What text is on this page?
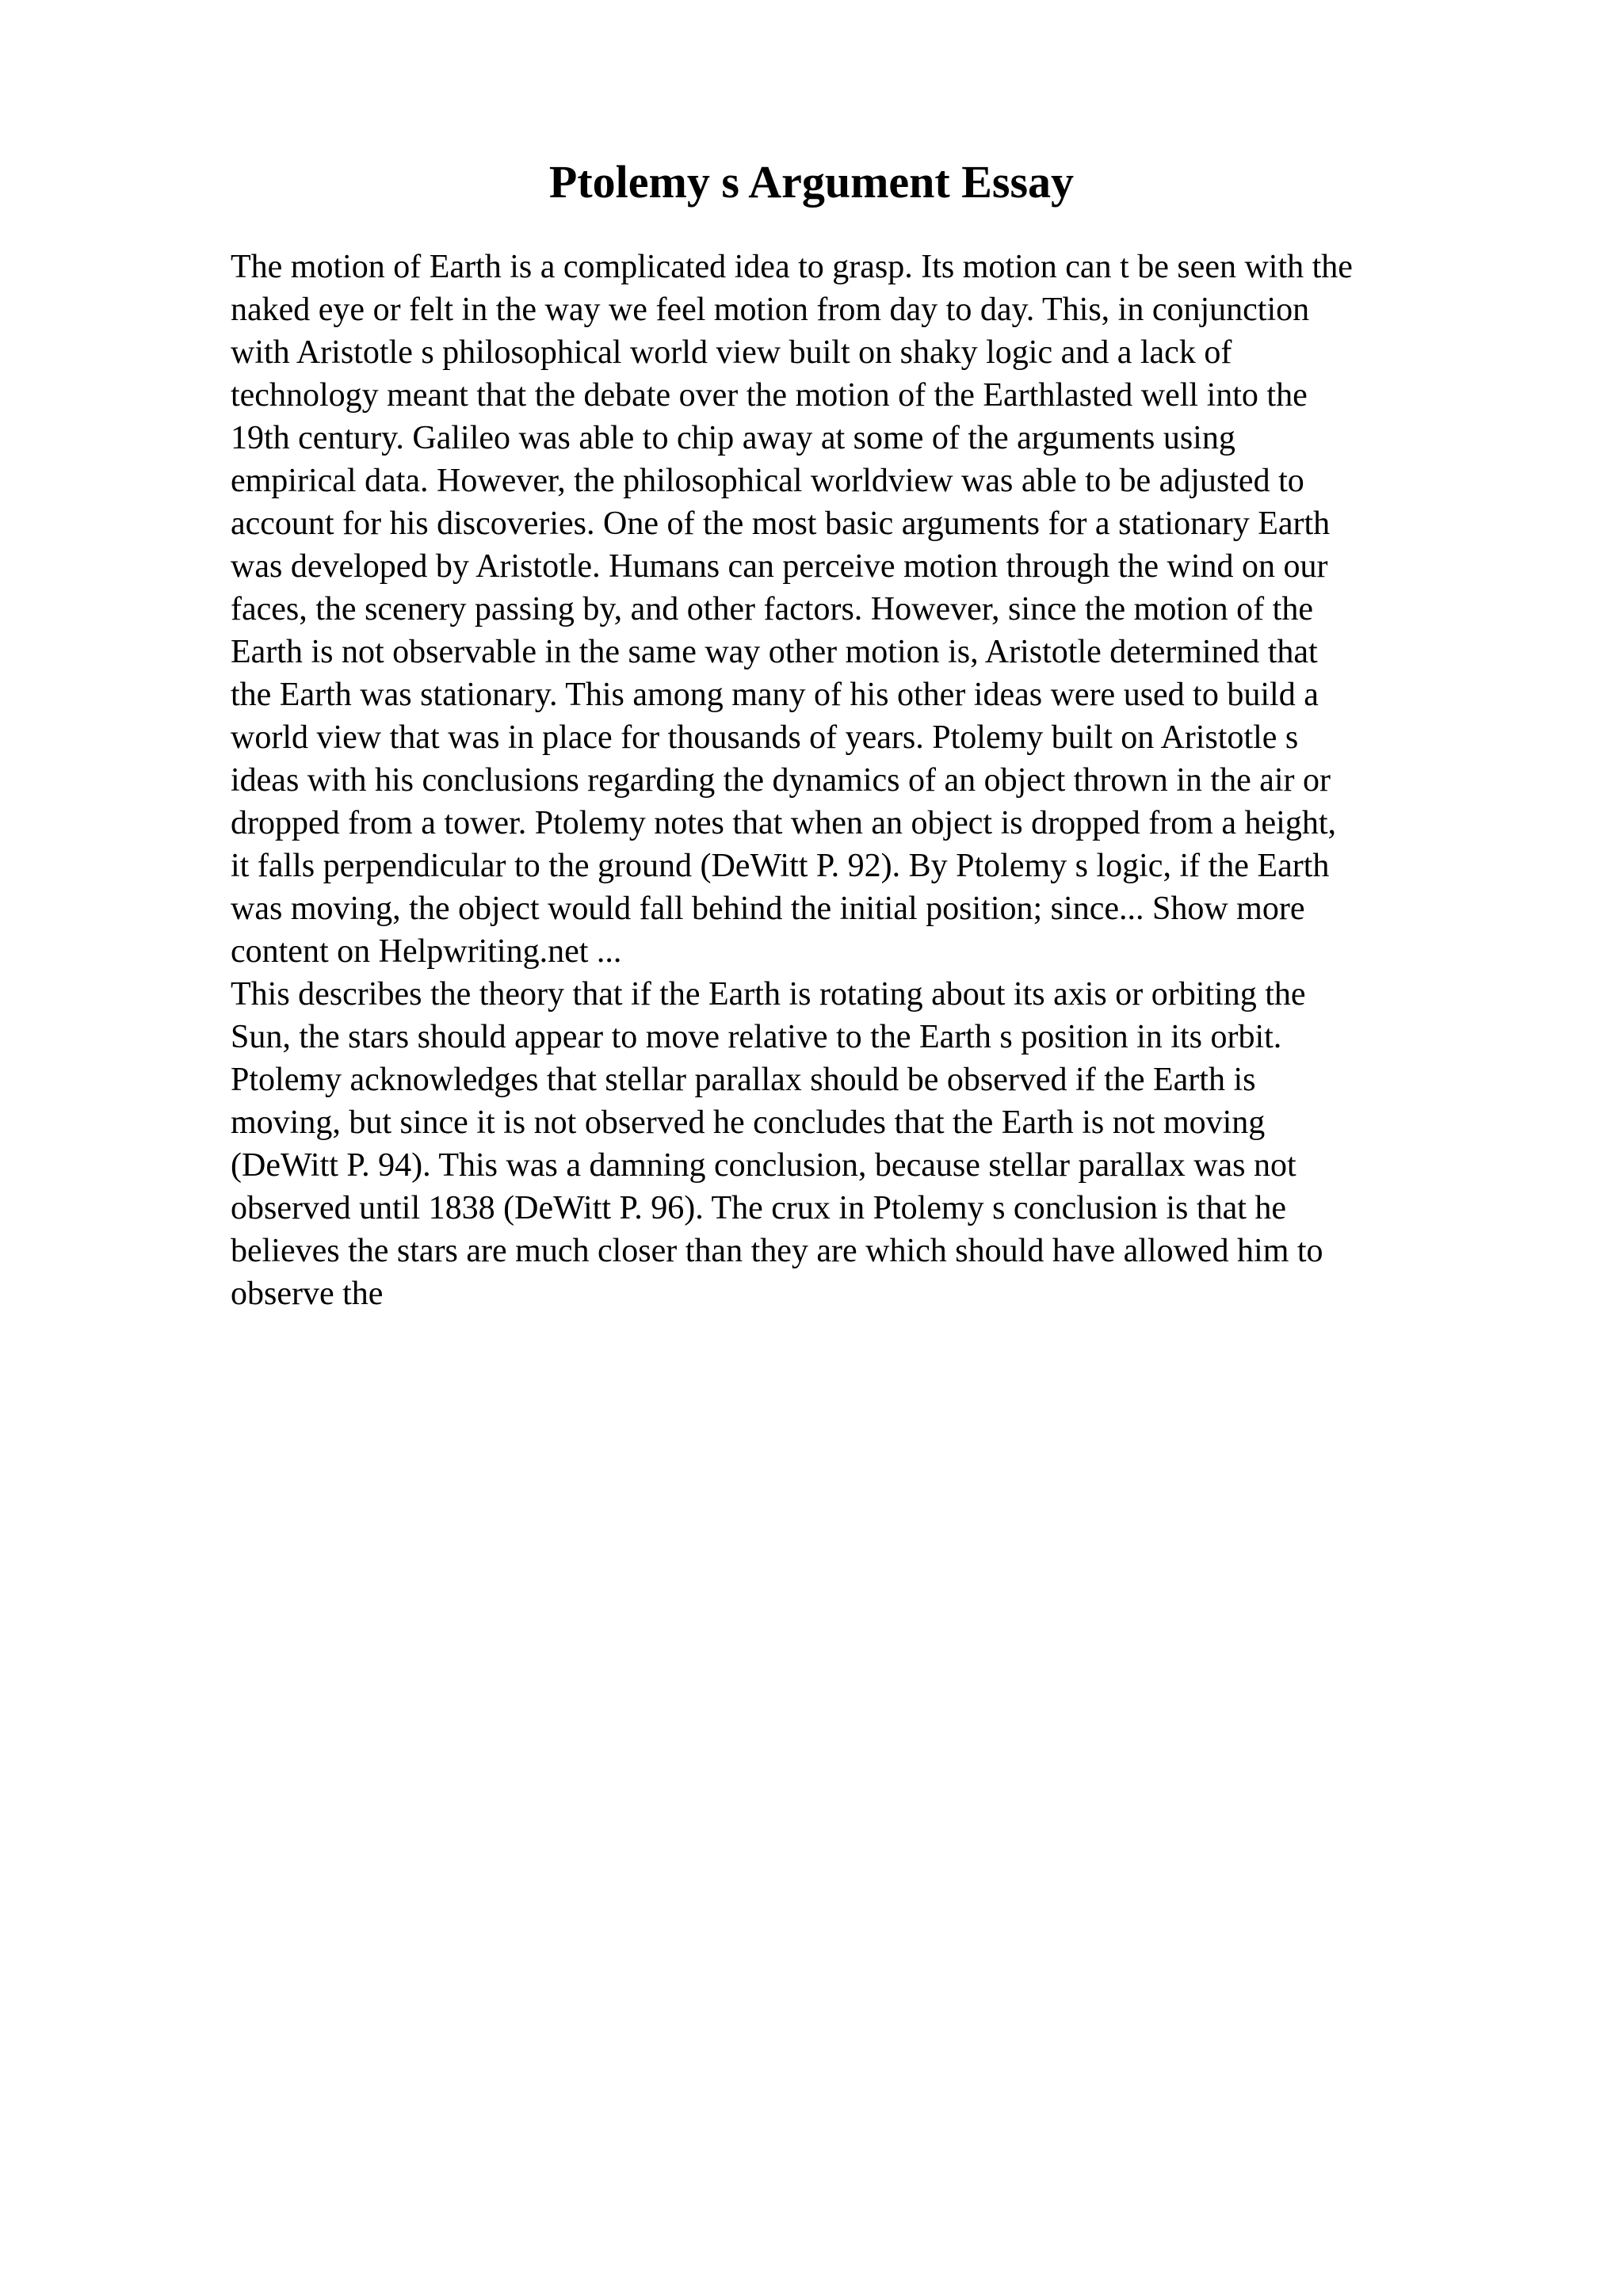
Ptolemy s Argument Essay
The motion of Earth is a complicated idea to grasp. Its motion can t be seen with the
naked eye or felt in the way we feel motion from day to day. This, in conjunction
with Aristotle s philosophical world view built on shaky logic and a lack of
technology meant that the debate over the motion of the Earthlasted well into the
19th century. Galileo was able to chip away at some of the arguments using
empirical data. However, the philosophical worldview was able to be adjusted to
account for his discoveries. One of the most basic arguments for a stationary Earth
was developed by Aristotle. Humans can perceive motion through the wind on our
faces, the scenery passing by, and other factors. However, since the motion of the
Earth is not observable in the same way other motion is, Aristotle determined that
the Earth was stationary. This among many of his other ideas were used to build a
world view that was in place for thousands of years. Ptolemy built on Aristotle s
ideas with his conclusions regarding the dynamics of an object thrown in the air or
dropped from a tower. Ptolemy notes that when an object is dropped from a height,
it falls perpendicular to the ground (DeWitt P. 92). By Ptolemy s logic, if the Earth
was moving, the object would fall behind the initial position; since... Show more
content on Helpwriting.net ...
This describes the theory that if the Earth is rotating about its axis or orbiting the
Sun, the stars should appear to move relative to the Earth s position in its orbit.
Ptolemy acknowledges that stellar parallax should be observed if the Earth is
moving, but since it is not observed he concludes that the Earth is not moving
(DeWitt P. 94). This was a damning conclusion, because stellar parallax was not
observed until 1838 (DeWitt P. 96). The crux in Ptolemy s conclusion is that he
believes the stars are much closer than they are which should have allowed him to
observe the
